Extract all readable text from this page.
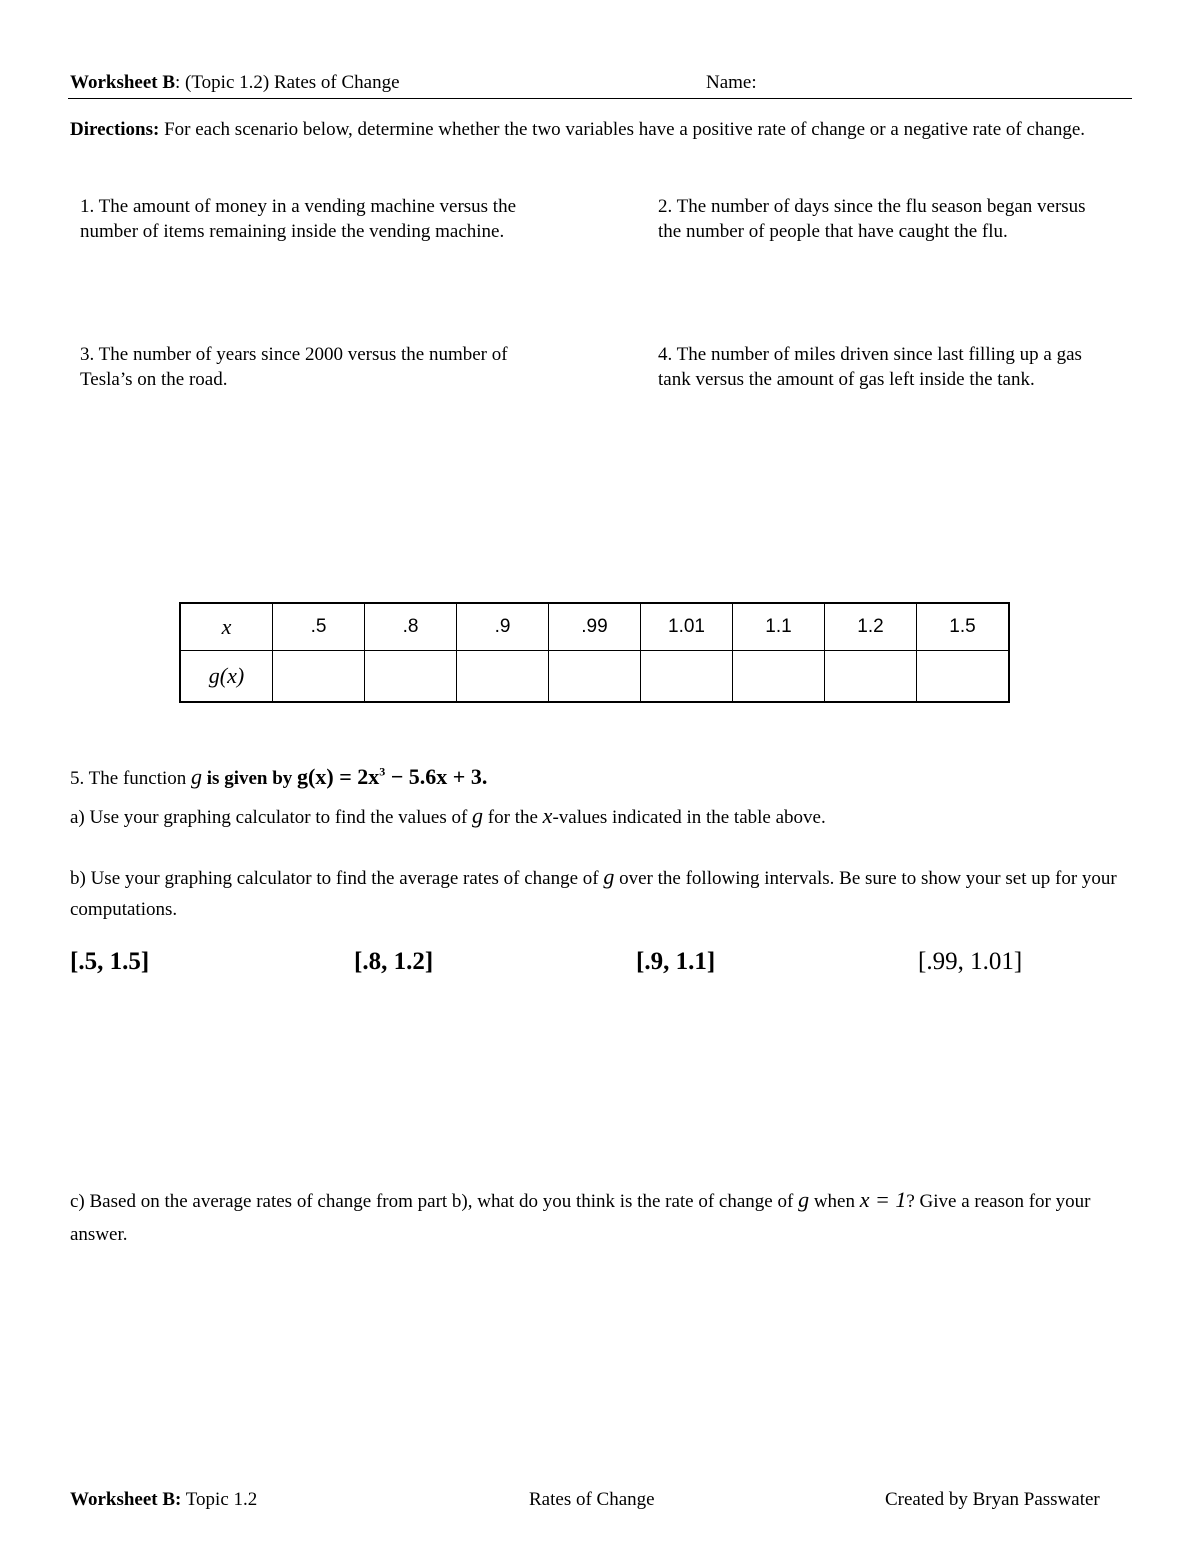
Worksheet B: (Topic 1.2) Rates of Change	Name:
Directions: For each scenario below, determine whether the two variables have a positive rate of change or a negative rate of change.
1. The amount of money in a vending machine versus the number of items remaining inside the vending machine.
2. The number of days since the flu season began versus the number of people that have caught the flu.
3. The number of years since 2000 versus the number of Tesla’s on the road.
4. The number of miles driven since last filling up a gas tank versus the amount of gas left inside the tank.
x	.5	.8	.9	.99	1.01	1.1	1.2	1.5
g(x)								
5. The function g is given by $g(x) = 2x^3 - 5.6x + 3$.
a) Use your graphing calculator to find the values of g for the x-values indicated in the table above.
b) Use your graphing calculator to find the average rates of change of g over the following intervals. Be sure to show your set up for your computations.
[.5, 1.5]	[.8, 1.2]	[.9, 1.1]	[.99, 1.01]
c) Based on the average rates of change from part b), what do you think is the rate of change of g when x = 1? Give a reason for your answer.
Worksheet B: Topic 1.2	Rates of Change	Created by Bryan Passwater
